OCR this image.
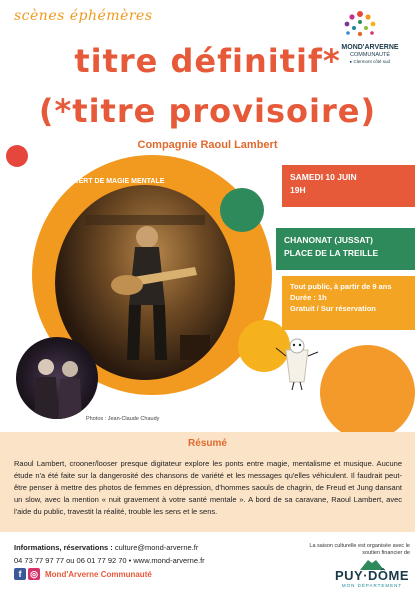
scènes éphémères
titre définitif*
(*titre provisoire)
Compagnie Raoul Lambert
MOND'ARVERNE
COMMUNAUTÉ
▸ Clermont côté sud
CONCERT DE MAGIE MENTALE
Photos : Jean-Claude Chaudy
SAMEDI 10 JUIN
19H
CHANONAT (JUSSAT)
PLACE DE LA TREILLE
Tout public, à partir de 9 ans
Durée : 1h
Gratuit / Sur réservation
Résumé
Raoul Lambert, crooner/looser presque digitateur explore les ponts entre magie, mentalisme et musique. Aucune étude n'a été faite sur la dangerosité des chansons de variété et les messages qu'elles véhiculent. Il faudrait peut-être penser à mettre des photos de femmes en dépression, d'hommes saouls de chagrin, de Freud et Jung dansant un slow, avec la mention « nuit gravement à votre santé mentale ». A bord de sa caravane, Raoul Lambert, avec l'aide du public, travestit la réalité, trouble les sens et le sens.
Informations, réservations : culture@mond-arverne.fr
04 73 77 97 77 ou 06 01 77 92 70 • www.mond-arverne.fr
f ◎ Mond'Arverne Communauté
La saison culturelle est organisée avec le soutien financier de
PUY·DÔME
MON DÉPARTEMENT
